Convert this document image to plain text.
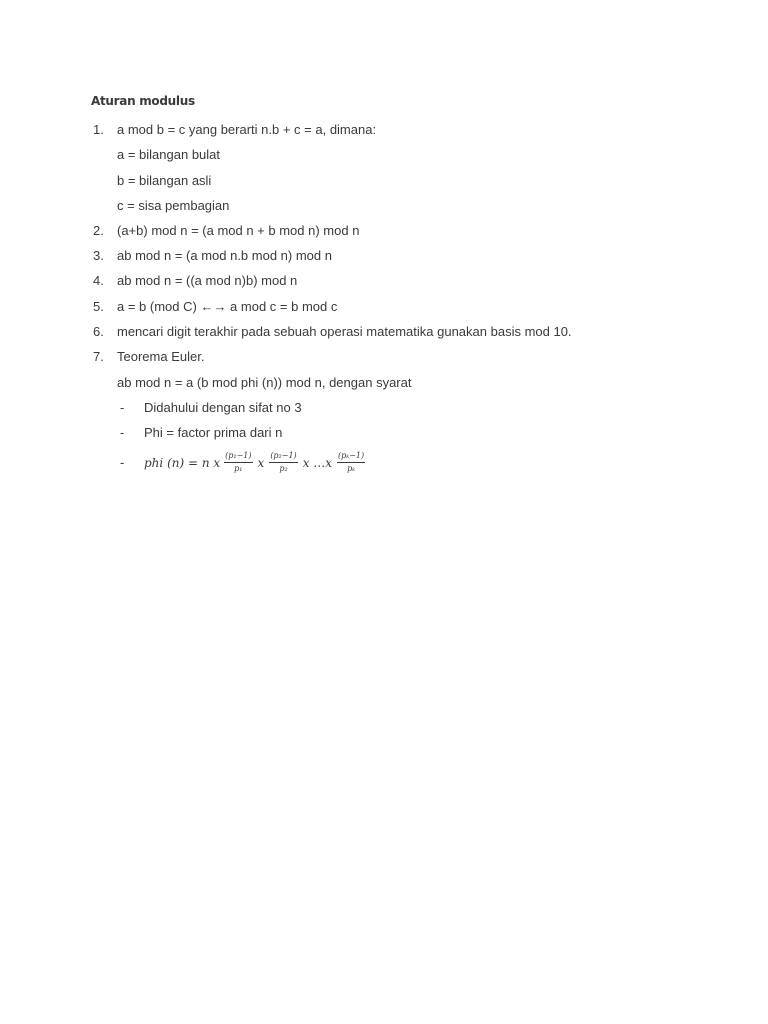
Aturan modulus
1. a mod b = c yang berarti n.b + c = a, dimana:
a = bilangan bulat
b = bilangan asli
c = sisa pembagian
2. (a+b) mod n = (a mod n + b mod n) mod n
3. ab mod n = (a mod n.b mod n) mod n
4. ab mod n = ((a mod n)b) mod n
5. a = b (mod C) ←→ a mod c = b mod c
6. mencari digit terakhir pada sebuah operasi matematika gunakan basis mod 10.
7. Teorema Euler.
ab mod n = a (b mod phi (n)) mod n, dengan syarat
- Didahului dengan sifat no 3
- Phi = factor prima dari n
- phi (n) = n x $\frac{\text{(p₁−1)}}{\text{p₁}}$ x $\frac{\text{(p₂−1)}}{\text{p₂}}$ x …x $\frac{\text{(pₖ−1)}}{\text{pₖ}}$
